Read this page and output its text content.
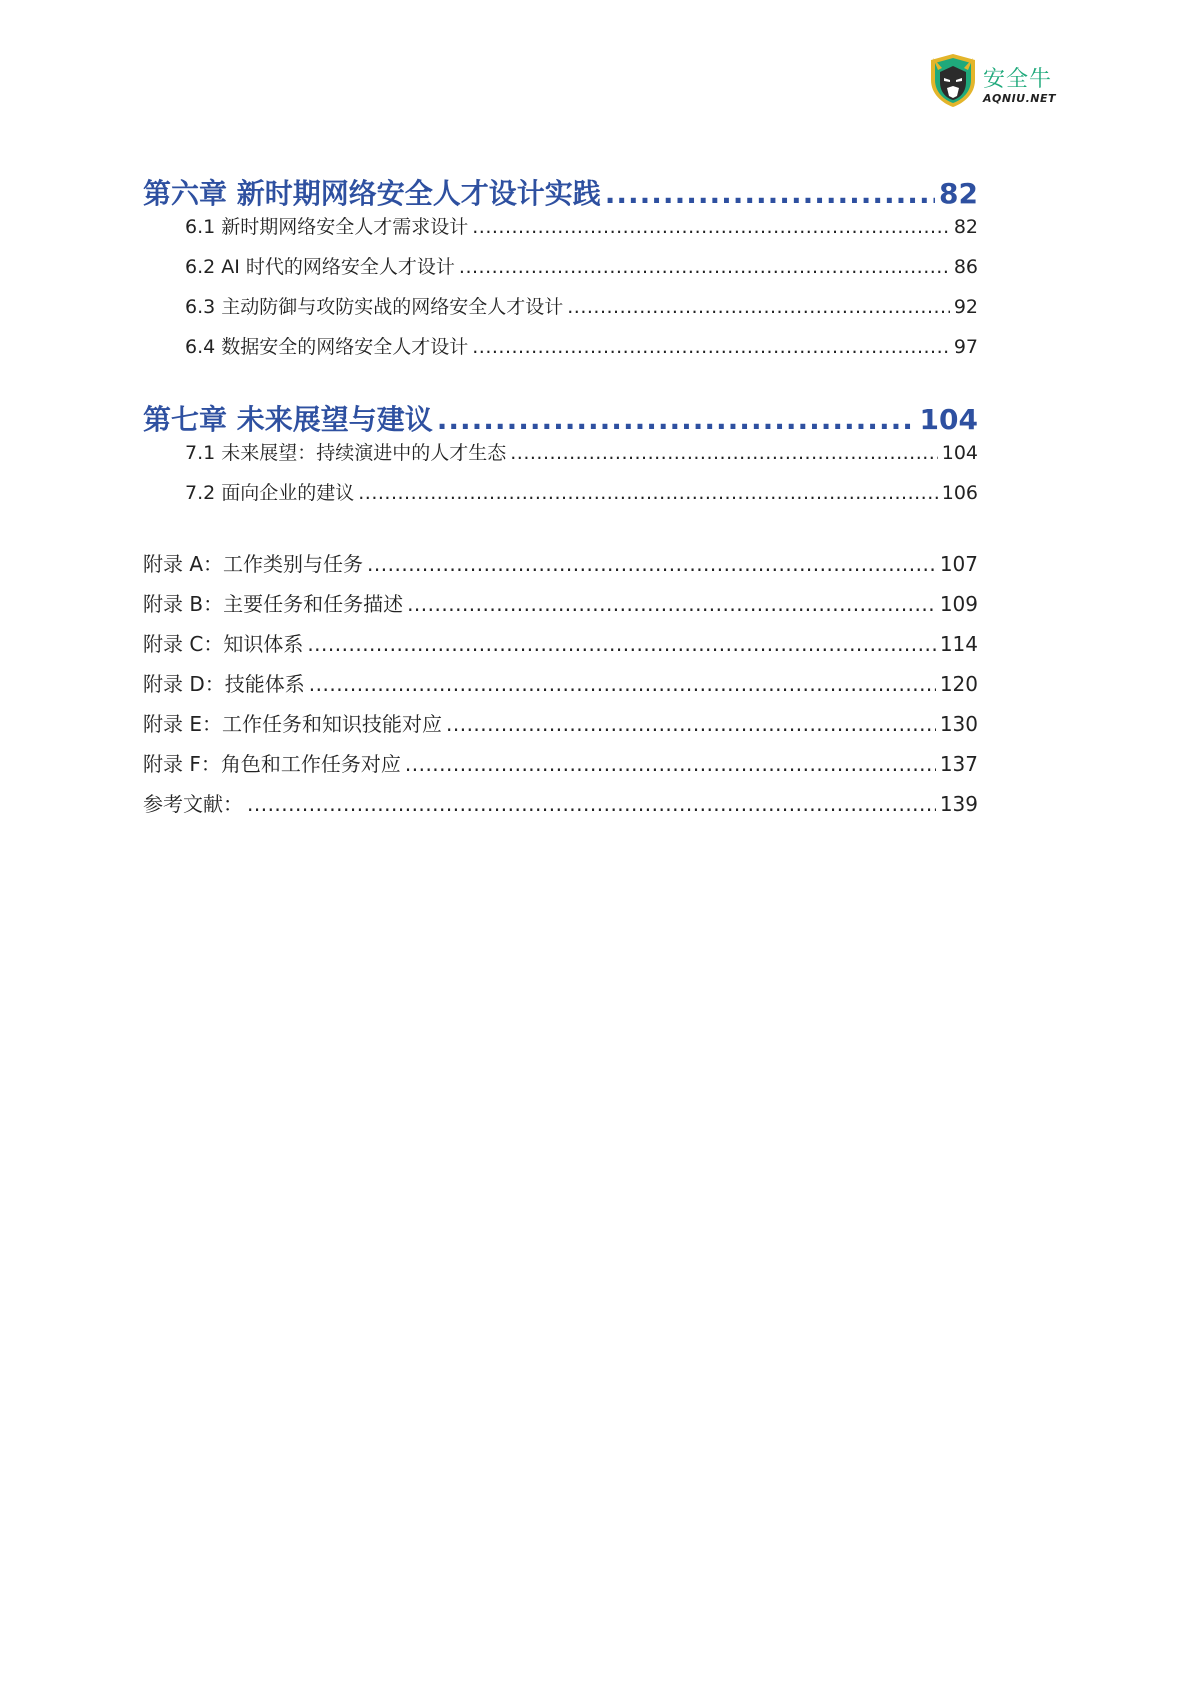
安全牛
AQNIU.NET
第六章 新时期网络安全人才设计实践 .....	82
6.1 新时期网络安全人才需求设计 .....	82
6.2 AI 时代的网络安全人才设计 .....	86
6.3 主动防御与攻防实战的网络安全人才设计 .....	92
6.4 数据安全的网络安全人才设计 .....	97
第七章 未来展望与建议 .....	104
7.1 未来展望：持续演进中的人才生态 .....	104
7.2 面向企业的建议 .....	106
附录 A：工作类别与任务 .....	107
附录 B：主要任务和任务描述 .....	109
附录 C：知识体系 .....	114
附录 D：技能体系 .....	120
附录 E：工作任务和知识技能对应 .....	130
附录 F：角色和工作任务对应 .....	137
参考文献： .....	139
